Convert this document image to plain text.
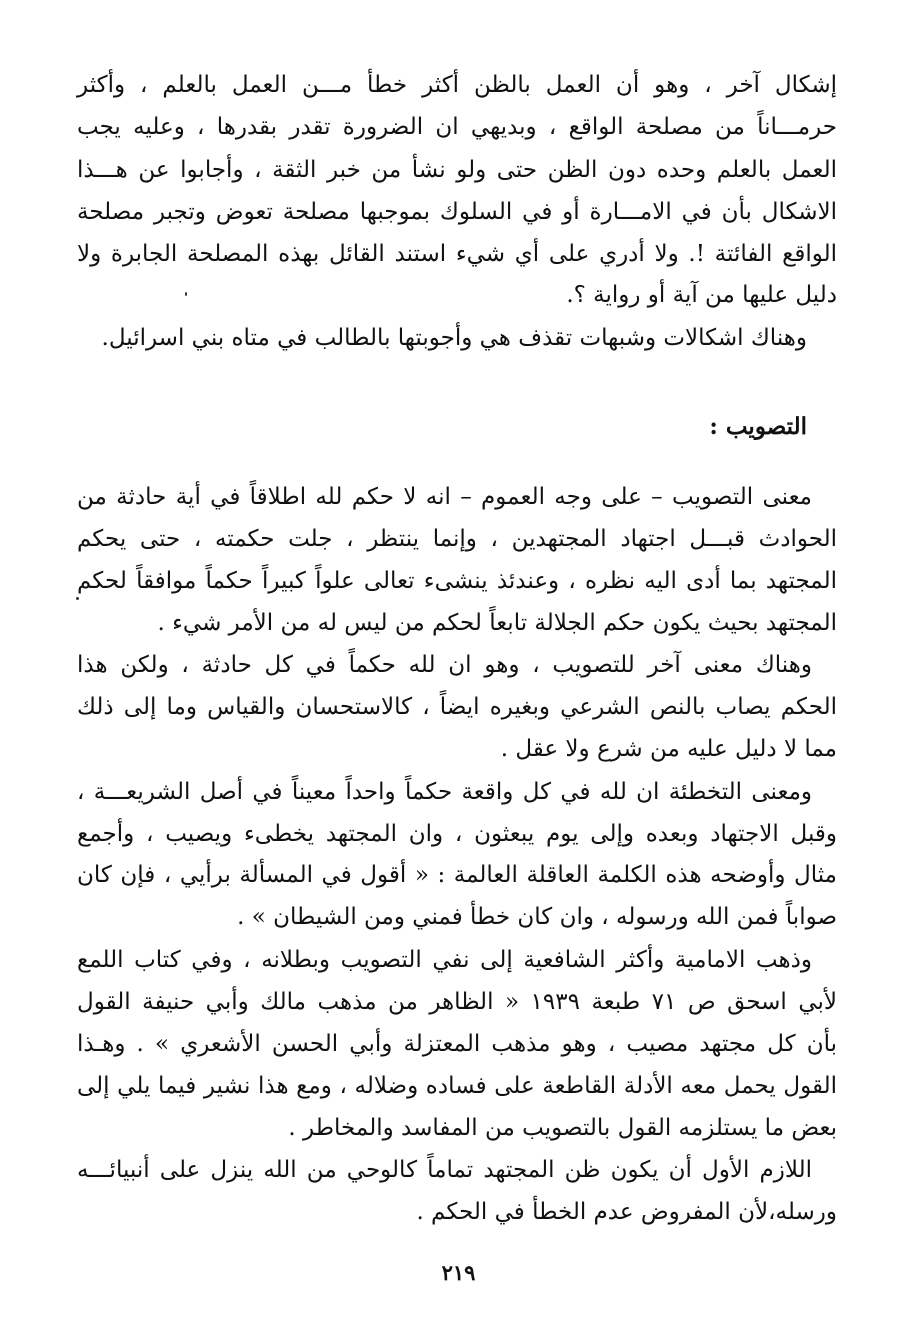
إشكال آخر ، وهو أن العمل بالظن أكثر خطأ مـــن العمل بالعلم ، وأكثر
حرمـــاناً من مصلحة الواقع ، وبديهي ان الضرورة تقدر بقدرها ، وعليه يجب
العمل بالعلم وحده دون الظن حتى ولو نشأ من خبر الثقة ، وأجابوا عن هـــذا
الاشكال بأن في الامـــارة أو في السلوك بموجبها مصلحة تعوض وتجبر مصلحة
الواقع الفائتة !. ولا أدري على أي شيء استند القائل بهذه المصلحة الجابرة ولا
دليل عليها من آية أو رواية ؟.
وهناك اشكالات وشبهات تقذف هي وأجوبتها بالطالب في متاه بني اسرائيل.
التصويب :
معنى التصويب – على وجه العموم – انه لا حكم لله اطلاقاً في أية حادثة من
الحوادث قبـــل اجتهاد المجتهدين ، وإنما ينتظر ، جلت حكمته ، حتى يحكم
المجتهد بما أدى اليه نظره ، وعندئذ ينشىء تعالى علواً كبيراً حكماً موافقاً لحكم
المجتهد بحيث يكون حكم الجلالة تابعاً لحكم من ليس له من الأمر شيء .
وهناك معنى آخر للتصويب ، وهو ان لله حكماً في كل حادثة ، ولكن هذا
الحكم يصاب بالنص الشرعي وبغيره ايضاً ، كالاستحسان والقياس وما إلى ذلك
مما لا دليل عليه من شرع ولا عقل .
ومعنى التخطئة ان لله في كل واقعة حكماً واحداً معيناً في أصل الشريعـــة ،
وقبل الاجتهاد وبعده وإلى يوم يبعثون ، وان المجتهد يخطىء ويصيب ، وأجمع
مثال وأوضحه هذه الكلمة العاقلة العالمة : « أقول في المسألة برأيي ، فإن كان
صواباً فمن الله ورسوله ، وان كان خطأ فمني ومن الشيطان » .
وذهب الامامية وأكثر الشافعية إلى نفي التصويب وبطلانه ، وفي كتاب اللمع
لأبي اسحق ص ٧١ طبعة ١٩٣٩ « الظاهر من مذهب مالك وأبي حنيفة القول
بأن كل مجتهد مصيب ، وهو مذهب المعتزلة وأبي الحسن الأشعري » . وهـذا
القول يحمل معه الأدلة القاطعة على فساده وضلاله ، ومع هذا نشير فيما يلي إلى
بعض ما يستلزمه القول بالتصويب من المفاسد والمخاطر .
اللازم الأول أن يكون ظن المجتهد تماماً كالوحي من الله ينزل على أنبيائـــه
ورسله،لأن المفروض عدم الخطأ في الحكم .
٢١٩
